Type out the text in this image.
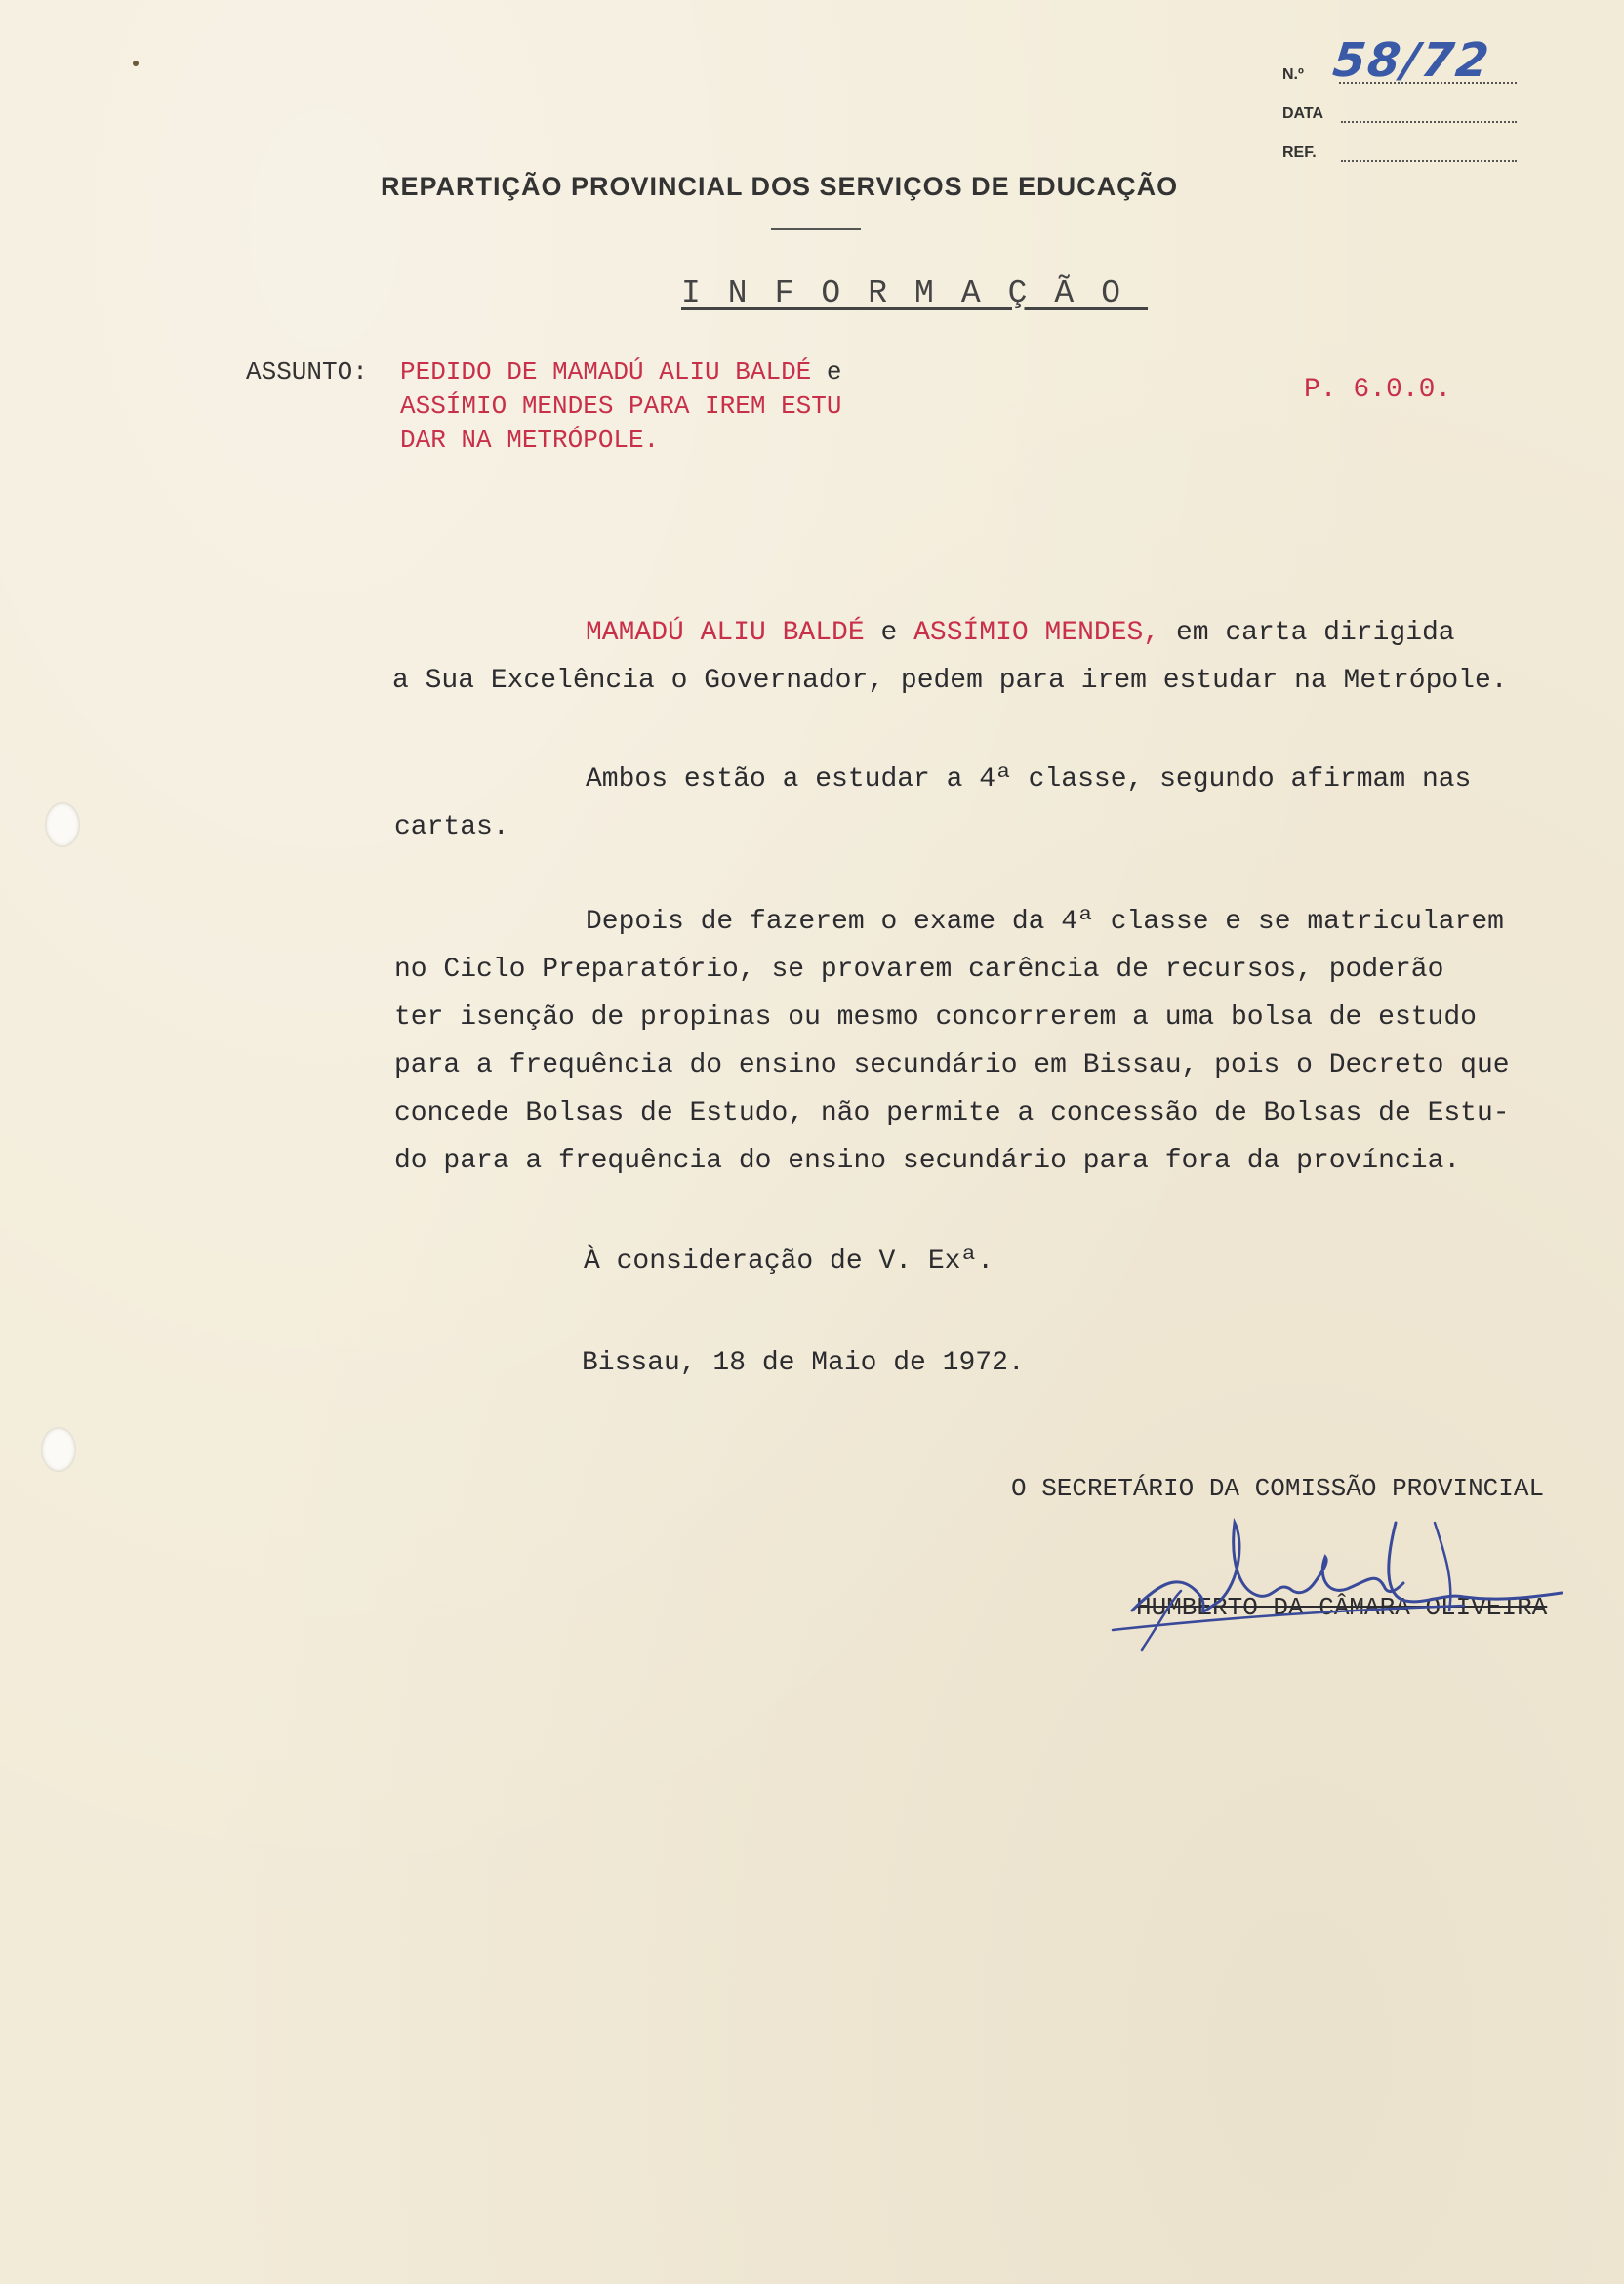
N.º 58/72
DATA
REF.
REPARTIÇÃO PROVINCIAL DOS SERVIÇOS DE EDUCAÇÃO
INFORMAÇÃO
ASSUNTO: PEDIDO DE MAMADÚ ALIU BALDÉ e
ASSÍMIO MENDES PARA IREM ESTU
DAR NA METRÓPOLE.
P. 6.0.0.
MAMADÚ ALIU BALDÉ e ASSÍMIO MENDES, em carta dirigida
a Sua Excelência o Governador, pedem para irem estudar na Metrópole.
Ambos estão a estudar a 4ª classe, segundo afirmam nas
cartas.
Depois de fazerem o exame da 4ª classe e se matricularem
no Ciclo Preparatório, se provarem carência de recursos, poderão
ter isenção de propinas ou mesmo concorrerem a uma bolsa de estudo
para a frequência do ensino secundário em Bissau, pois o Decreto que
concede Bolsas de Estudo, não permite a concessão de Bolsas de Estu-
do para a frequência do ensino secundário para fora da província.
À consideração de V. Exª.
Bissau, 18 de Maio de 1972.
O SECRETÁRIO DA COMISSÃO PROVINCIAL
HUMBERTO DA CÂMARA OLIVEIRA
